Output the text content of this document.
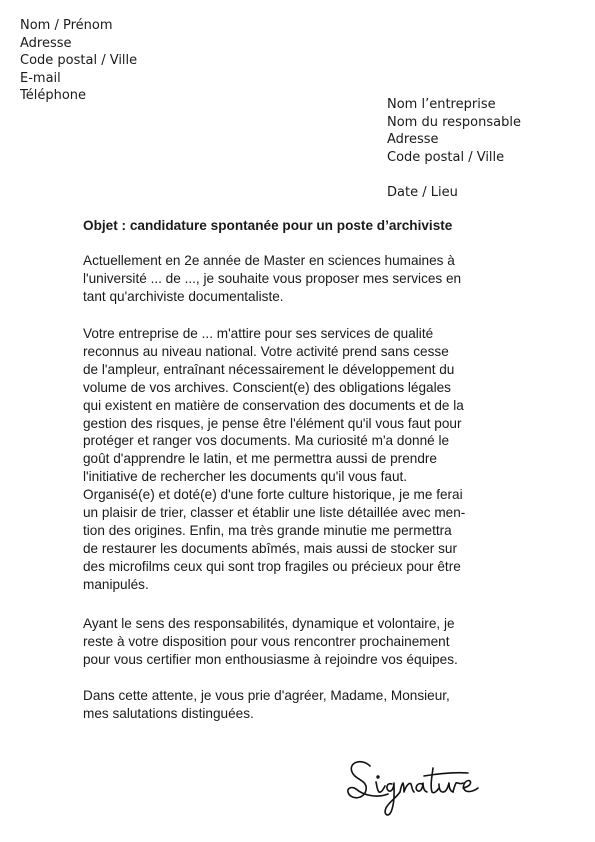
Nom / Prénom
Adresse
Code postal / Ville
E-mail
Téléphone
Nom l’entreprise
Nom du responsable
Adresse
Code postal / Ville
Date / Lieu
Objet : candidature spontanée pour un poste d’archiviste
Actuellement en 2e année de Master en sciences humaines à
l'université ... de ..., je souhaite vous proposer mes services en
tant qu'archiviste documentaliste.
Votre entreprise de ... m'attire pour ses services de qualité
reconnus au niveau national. Votre activité prend sans cesse
de l'ampleur, entraînant nécessairement le développement du
volume de vos archives. Conscient(e) des obligations légales
qui existent en matière de conservation des documents et de la
gestion des risques, je pense être l'élément qu'il vous faut pour
protéger et ranger vos documents. Ma curiosité m'a donné le
goût d'apprendre le latin, et me permettra aussi de prendre
l'initiative de rechercher les documents qu'il vous faut.
Organisé(e) et doté(e) d'une forte culture historique, je me ferai
un plaisir de trier, classer et établir une liste détaillée avec men-
tion des origines. Enfin, ma très grande minutie me permettra
de restaurer les documents abîmés, mais aussi de stocker sur
des microfilms ceux qui sont trop fragiles ou précieux pour être
manipulés.
Ayant le sens des responsabilités, dynamique et volontaire, je
reste à votre disposition pour vous rencontrer prochainement
pour vous certifier mon enthousiasme à rejoindre vos équipes.
Dans cette attente, je vous prie d'agréer, Madame, Monsieur,
mes salutations distinguées.
